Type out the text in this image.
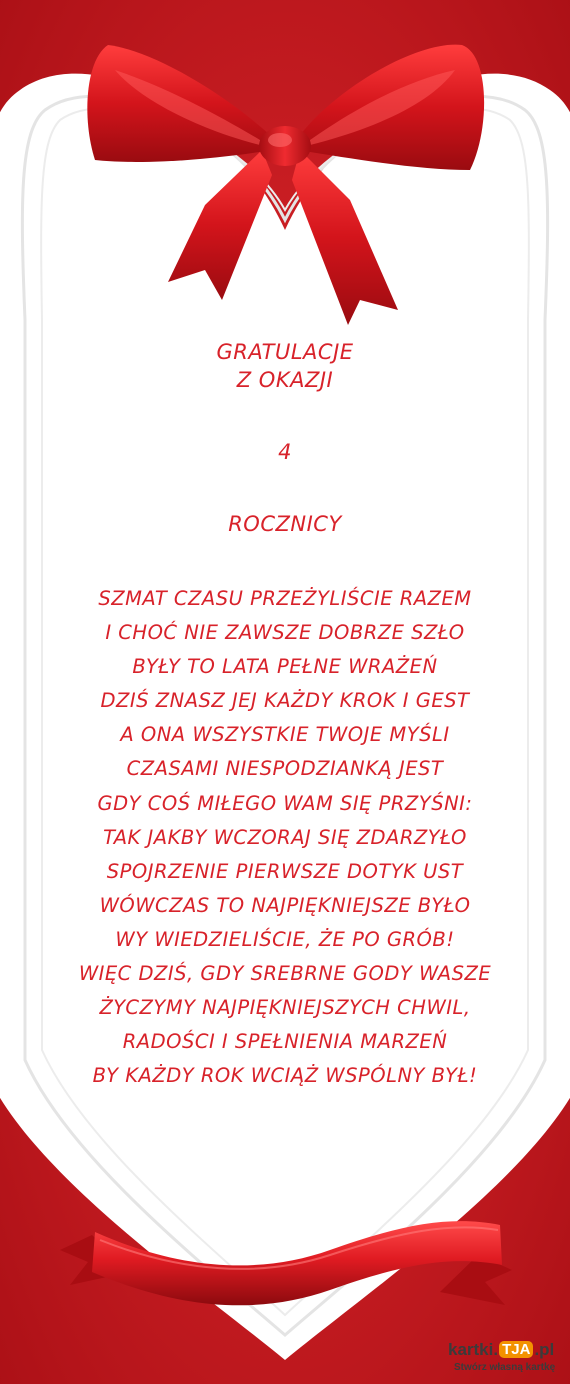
GRATULACJE
Z OKAZJI
4
ROCZNICY
SZMAT CZASU PRZEŻYLIŚCIE RAZEM
I CHOĆ NIE ZAWSZE DOBRZE SZŁO
BYŁY TO LATA PEŁNE WRAŻEŃ
DZIŚ ZNASZ JEJ KAŻDY KROK I GEST
A ONA WSZYSTKIE TWOJE MYŚLI
CZASAMI NIESPODZIANKĄ JEST
GDY COŚ MIŁEGO WAM SIĘ PRZYŚNI:
TAK JAKBY WCZORAJ SIĘ ZDARZYŁO
SPOJRZENIE PIERWSZE DOTYK UST
WÓWCZAS TO NAJPIĘKNIEJSZE BYŁO
WY WIEDZIELIŚCIE, ŻE PO GRÓB!
WIĘC DZIŚ, GDY SREBRNE GODY WASZE
ŻYCZYMY NAJPIĘKNIEJSZYCH CHWIL,
RADOŚCI I SPEŁNIENIA MARZEŃ
BY KAŻDY ROK WCIĄŻ WSPÓLNY BYŁ!
kartki. TJA .pl
Stwórz własną kartkę
